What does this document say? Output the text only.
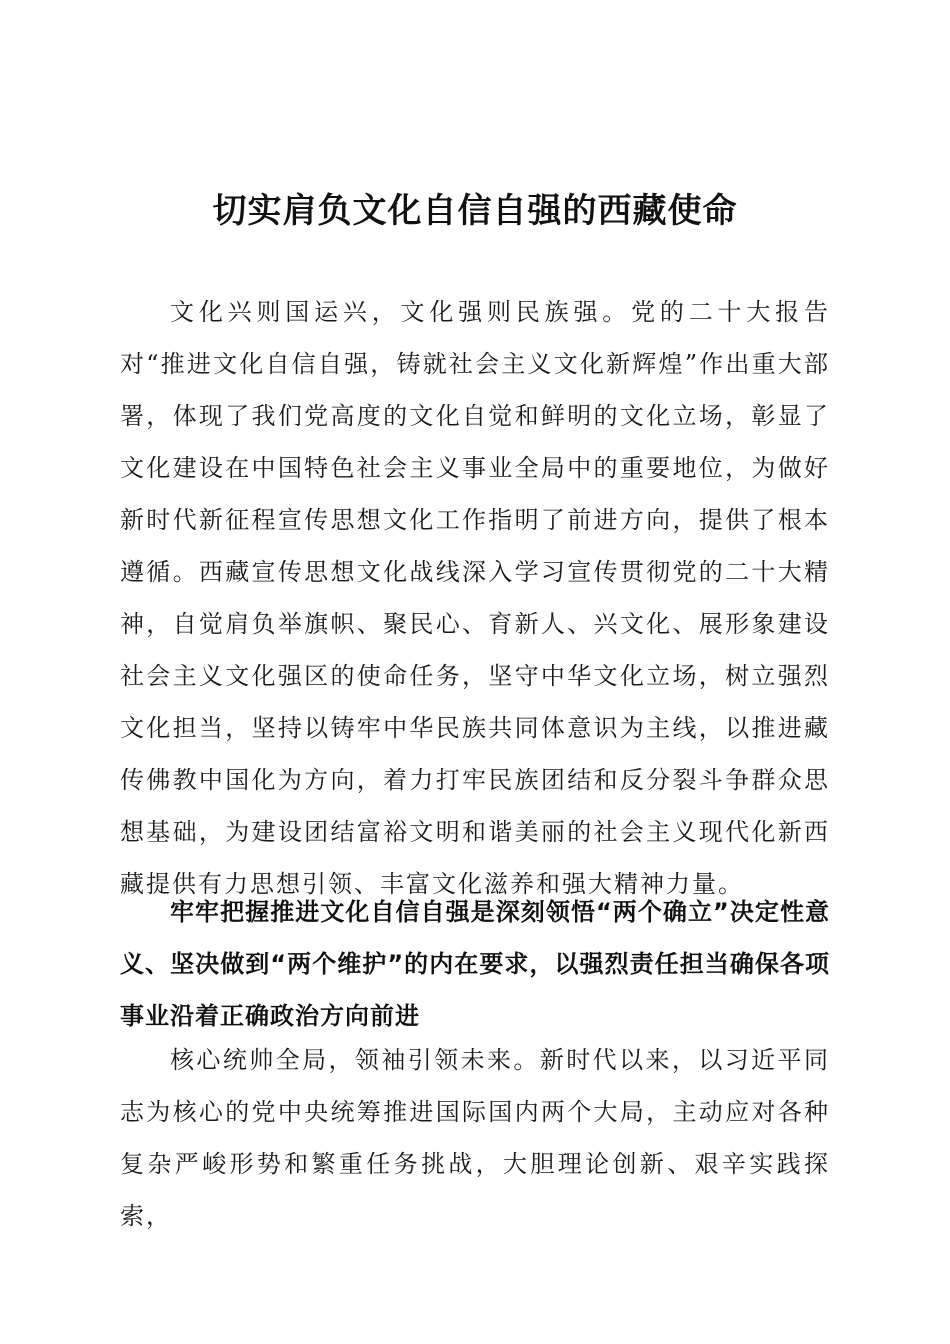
切实肩负文化自信自强的西藏使命

文化兴则国运兴，文化强则民族强。党的二十大报告对“推进文化自信自强，铸就社会主义文化新辉煌”作出重大部署，体现了我们党高度的文化自觉和鲜明的文化立场，彰显了文化建设在中国特色社会主义事业全局中的重要地位，为做好新时代新征程宣传思想文化工作指明了前进方向，提供了根本遵循。西藏宣传思想文化战线深入学习宣传贯彻党的二十大精神，自觉肩负举旗帜、聚民心、育新人、兴文化、展形象建设社会主义文化强区的使命任务，坚守中华文化立场，树立强烈文化担当，坚持以铸牢中华民族共同体意识为主线，以推进藏传佛教中国化为方向，着力打牢民族团结和反分裂斗争群众思想基础，为建设团结富裕文明和谐美丽的社会主义现代化新西藏提供有力思想引领、丰富文化滋养和强大精神力量。

牢牢把握推进文化自信自强是深刻领悟“两个确立”决定性意义、坚决做到“两个维护”的内在要求，以强烈责任担当确保各项事业沿着正确政治方向前进

核心统帅全局，领袖引领未来。新时代以来，以习近平同志为核心的党中央统筹推进国际国内两个大局，主动应对各种复杂严峻形势和繁重任务挑战，大胆理论创新、艰辛实践探索，
